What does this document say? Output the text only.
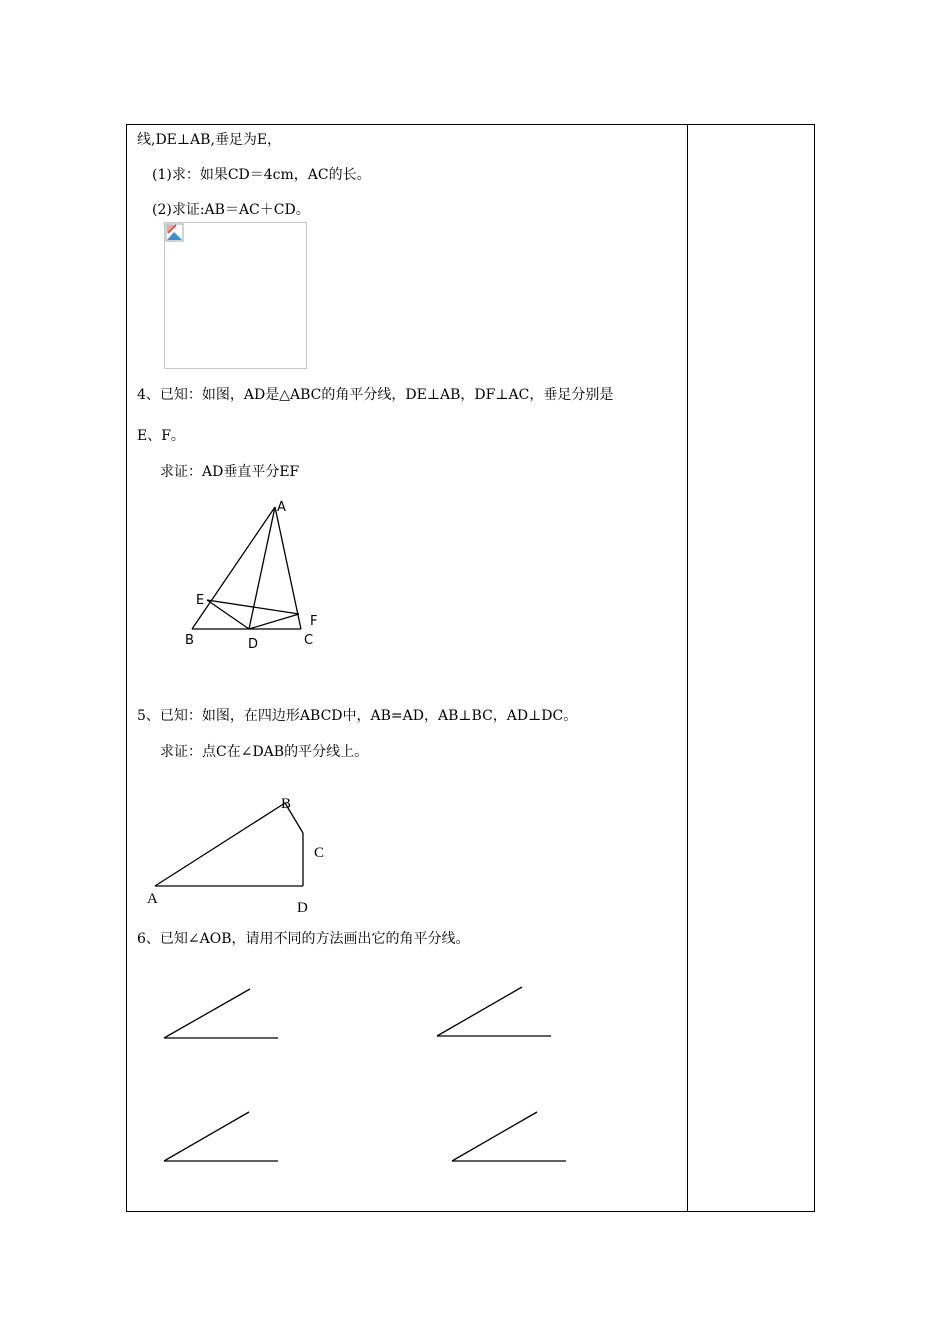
线,DE⊥AB,垂足为E，
(1)求：如果CD＝4cm，AC的长。
(2)求证:AB＝AC＋CD。
4、已知：如图，AD是△ABC的角平分线，DE⊥AB，DF⊥AC，垂足分别是
E、F。
求证：AD垂直平分EF
A
E
F
B	D	C
5、已知：如图，在四边形ABCD中，AB=AD，AB⊥BC，AD⊥DC。
求证：点C在∠DAB的平分线上。
B
C
A
D
6、已知∠AOB，请用不同的方法画出它的角平分线。
